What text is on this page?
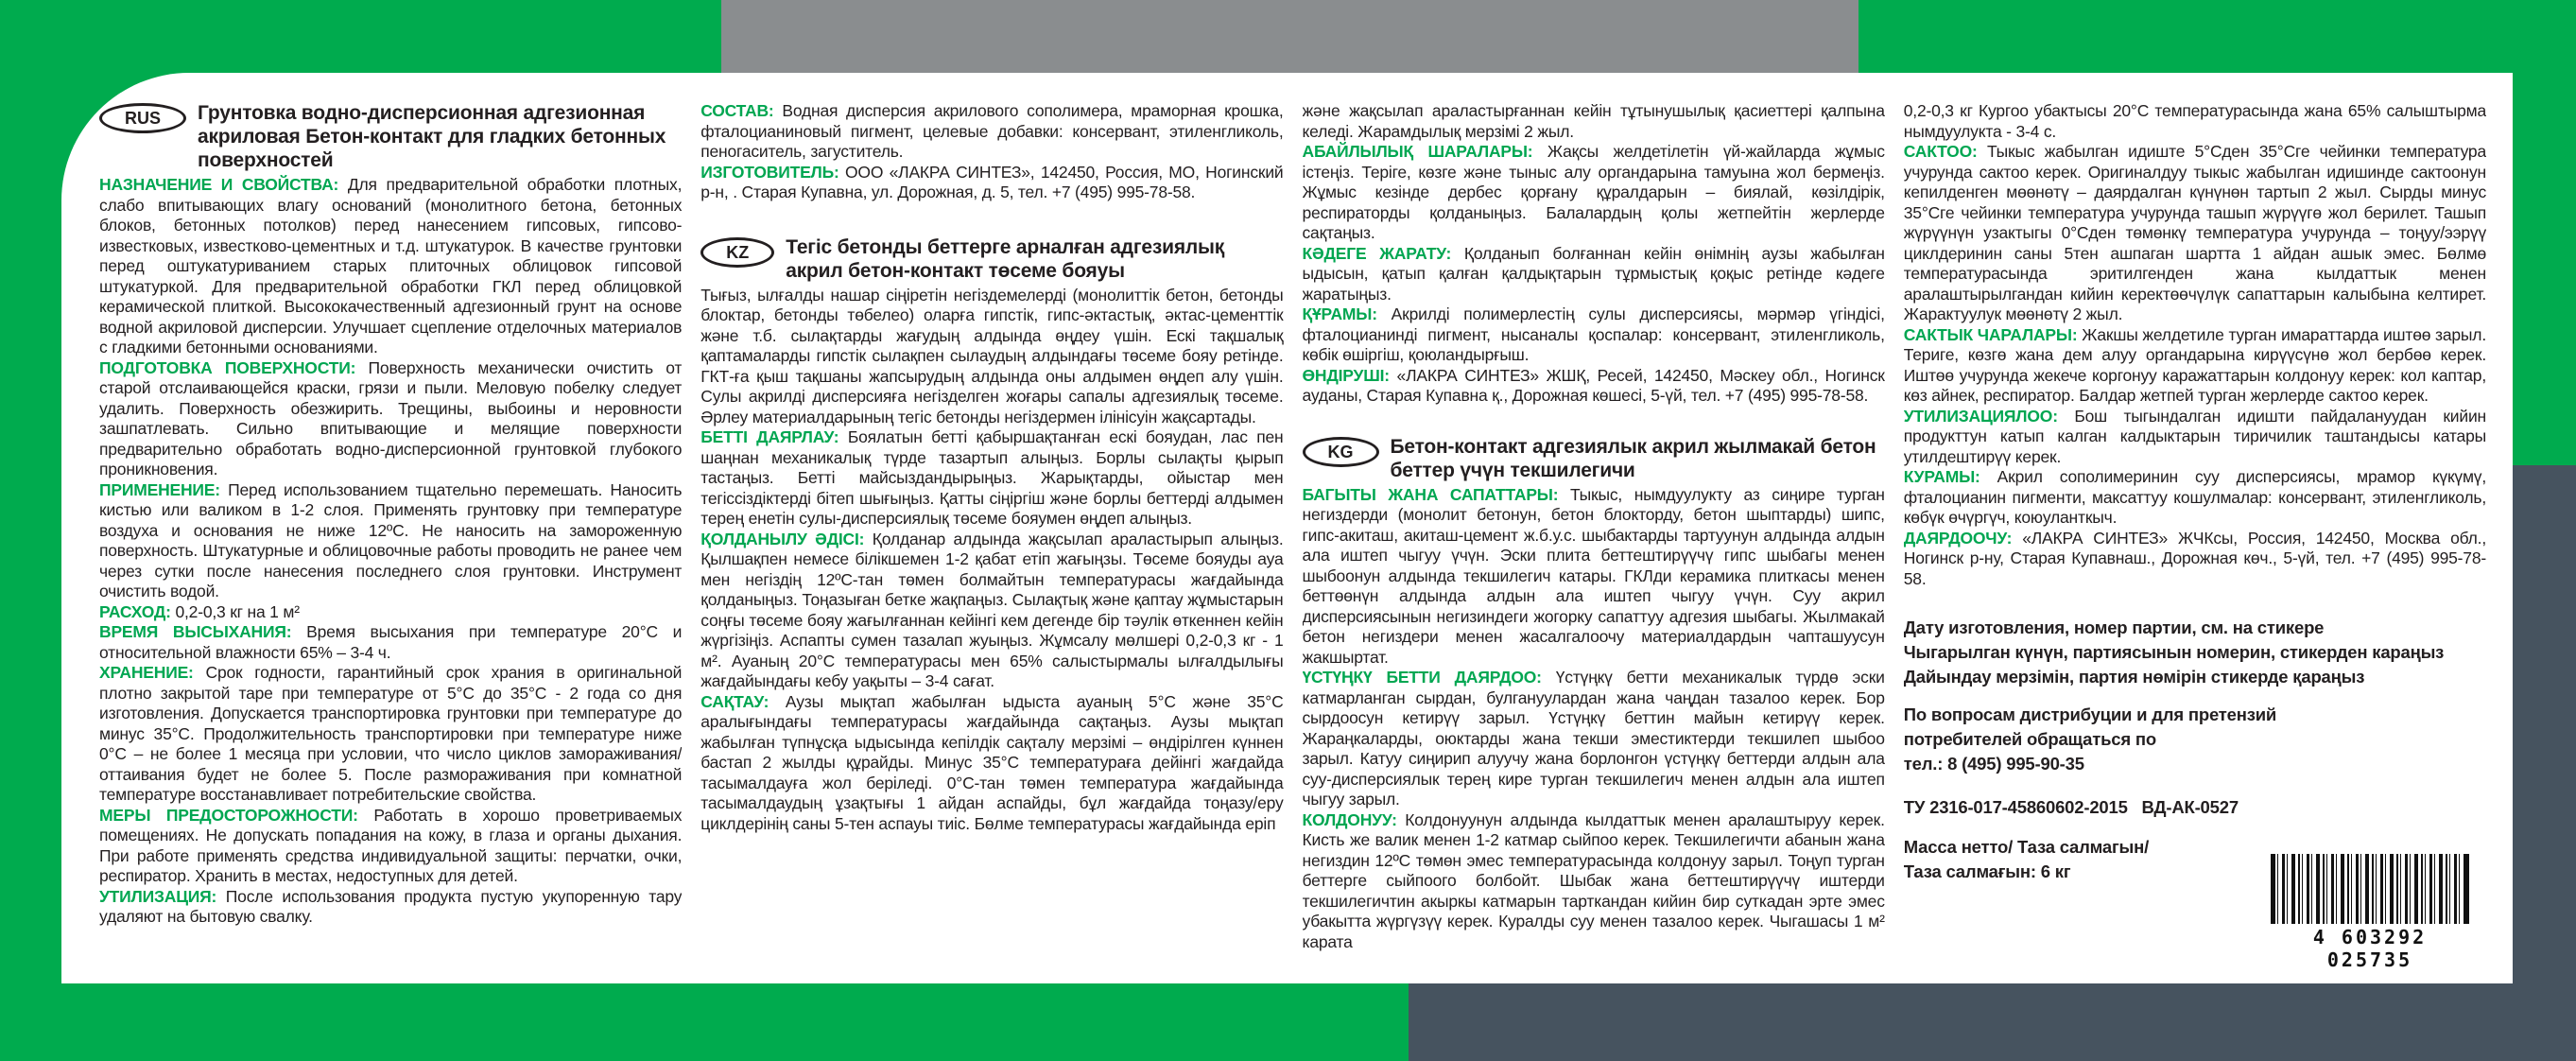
RUS	Грунтовка водно-дисперсионная адгезионная акриловая Бетон-контакт для гладких бетонных поверхностей

НАЗНАЧЕНИЕ И СВОЙСТВА: Для предварительной обработки плотных, слабо впитывающих влагу оснований (монолитного бетона, бетонных блоков, бетонных потолков) перед нанесением гипсовых, гипсово-известковых, известково-цементных и т.д. штукатурок. В качестве грунтовки перед оштукатуриванием старых плиточных облицовок гипсовой штукатуркой. Для предварительной обработки ГКЛ перед облицовкой керамической плиткой. Высококачественный адгезионный грунт на основе водной акриловой дисперсии. Улучшает сцепление отделочных материалов с гладкими бетонными основаниями.

ПОДГОТОВКА ПОВЕРХНОСТИ: Поверхность механически очистить от старой отслаивающейся краски, грязи и пыли. Меловую побелку следует удалить. Поверхность обезжирить. Трещины, выбоины и неровности зашпатлевать. Сильно впитывающие и мелящие поверхности предварительно обработать водно-дисперсионной грунтовкой глубокого проникновения.

ПРИМЕНЕНИЕ: Перед использованием тщательно перемешать. Наносить кистью или валиком в 1-2 слоя. Применять грунтовку при температуре воздуха и основания не ниже 12ºС. Не наносить на замороженную поверхность. Штукатурные и облицовочные работы проводить не ранее чем через сутки после нанесения последнего слоя грунтовки. Инструмент очистить водой.

РАСХОД: 0,2-0,3 кг на 1 м²

ВРЕМЯ ВЫСЫХАНИЯ: Время высыхания при температуре 20°С и относительной влажности 65% – 3-4 ч.

ХРАНЕНИЕ: Срок годности, гарантийный срок храния в оригинальной плотно закрытой таре при температуре от 5°С до 35°С - 2 года со дня изготовления. Допускается транспортировка грунтовки при температуре до минус 35°С. Продолжительность транспортировки при температуре ниже 0°С – не более 1 месяца при условии, что число циклов замораживания/оттаивания будет не более 5. После размораживания при комнатной температуре восстанавливает потребительские свойства.

МЕРЫ ПРЕДОСТОРОЖНОСТИ: Работать в хорошо проветриваемых помещениях. Не допускать попадания на кожу, в глаза и органы дыхания. При работе применять средства индивидуальной защиты: перчатки, очки, респиратор. Хранить в местах, недоступных для детей.

УТИЛИЗАЦИЯ: После использования продукта пустую укупоренную тару удаляют на бытовую свалку.

СОСТАВ: Водная дисперсия акрилового сополимера, мраморная крошка, фталоцианиновый пигмент, целевые добавки: консервант, этиленгликоль, пеногаситель, загуститель.

ИЗГОТОВИТЕЛЬ: ООО «ЛАКРА СИНТЕЗ», 142450, Россия, МО, Ногинский р-н, . Старая Купавна, ул. Дорожная, д. 5, тел. +7 (495) 995-78-58.

KZ	Тегіс бетонды беттерге арналған адгезиялық акрил бетон-контакт төсеме бояуы

Тығыз, ылғалды нашар сіңіретін негіздемелерді (монолиттік бетон, бетонды блоктар, бетонды төбелео) оларға гипстік, гипс-әктастық, әктас-цементтік және т.б. сылақтарды жағудың алдында өңдеу үшін. Ескі тақшалық қаптамаларды гипстік сылақпен сылаудың алдындағы төсеме бояу ретінде. ГКТ-ға қыш тақшаны жапсырудың алдында оны алдымен өңдеп алу үшін. Сулы акрилді дисперсияға негізделген жоғары сапалы адгезиялық төсеме. Әрлеу материалдарының тегіс бетонды негіздермен ілінісуін жақсартады.

БЕТТІ ДАЯРЛАУ: Боялатын бетті қабыршақтанған ескі бояудан, лас пен шаңнан механикалық түрде тазартып алыңыз. Борлы сылақты қырып тастаңыз. Бетті майсыздандырыңыз. Жарықтарды, ойыстар мен тегіссіздіктерді бітеп шығыңыз. Қатты сіңіргіш және борлы беттерді алдымен терең енетін сулы-дисперсиялық төсеме бояумен өңдеп алыңыз.

ҚОЛДАНЫЛУ ӘДІСІ: Қолданар алдында жақсылап араластырып алыңыз. Қылшақпен немесе білікшемен 1-2 қабат етіп жағыңзы. Төсеме бояуды ауа мен негіздің 12ºС-тан төмен болмайтын температурасы жағдайында қолданыңыз. Тоңазыған бетке жақпаңыз. Сылақтық және қаптау жұмыстарын соңғы төсеме бояу жағылғаннан кейінгі кем дегенде бір тәулік өткеннен кейін жүргізіңіз. Аспапты сумен тазалап жуыңыз. Жұмсалу мөлшері 0,2-0,3 кг - 1 м². Ауаның 20°С температурасы мен 65% салыстырмалы ылғалдылығы жағдайындағы кебу уақыты – 3-4 сағат.

САҚТАУ: Аузы мықтап жабылған ыдыста ауаның 5°С және 35°С аралығындағы температурасы жағдайында сақтаңыз. Аузы мықтап жабылған түпнұсқа ыдысында кепілдік сақталу мерзімі – өндірілген күннен бастап 2 жылды құрайды. Минус 35°С температураға дейінгі жағдайда тасымалдауға жол беріледі. 0°С-тан төмен температура жағдайында тасымалдаудың ұзақтығы 1 айдан аспайды, бұл жағдайда тоңазу/еру циклдерінің саны 5-тен аспауы тиіс. Бөлме температурасы жағдайында еріп

және жақсылап араластырғаннан кейін тұтынушылық қасиеттері қалпына келеді. Жарамдылық мерзімі 2 жыл.

АБАЙЛЫЛЫҚ ШАРАЛАРЫ: Жақсы желдетілетін үй-жайларда жұмыс істеңіз. Теріге, көзге және тыныс алу органдарына тамуына жол бермеңіз. Жұмыс кезінде дербес қорғану құралдарын – биялай, көзілдірік, респираторды қолданыңыз. Балалардың қолы жетпейтін жерлерде сақтаңыз.

КӘДЕГЕ ЖАРАТУ: Қолданып болғаннан кейін өнімнің аузы жабылған ыдысын, қатып қалған қалдықтарын тұрмыстық қоқыс ретінде кәдеге жаратыңыз.

ҚҰРАМЫ: Акрилді полимерлестің сулы дисперсиясы, мәрмәр үгіндісі, фталоцианинді пигмент, нысаналы қоспалар: консервант, этиленгликоль, көбік өшіргіш, қоюландырғыш.

ӨНДІРУШІ: «ЛАКРА СИНТЕЗ» ЖШҚ, Ресей, 142450, Мәскеу обл., Ногинск ауданы, Старая Купавна қ., Дорожная көшесі, 5-үй, тел. +7 (495) 995-78-58.

KG	Бетон-контакт адгезиялык акрил жылмакай бетон беттер үчүн текшилегичи

БАГЫТЫ ЖАНА САПАТТАРЫ: Тыкыс, нымдуулукту аз сиңире турган негиздерди (монолит бетонун, бетон блокторду, бетон шыптарды) шипс, гипс-акиташ, акиташ-цемент ж.б.у.с. шыбактарды тартуунун алдында алдын ала иштеп чыгуу үчүн. Эски плита беттештирүүчү гипс шыбагы менен шыбоонун алдында текшилегич катары. ГКЛди керамика плиткасы менен беттөөнүн алдында алдын ала иштеп чыгуу үчүн. Суу акрил дисперсиясынын негизиндеги жогорку сапаттуу адгезия шыбагы. Жылмакай бетон негиздери менен жасалгалоочу материалдардын чапташуусун жакшыртат.

ҮСТҮҢКҮ БЕТТИ ДАЯРДОО: Үстүңкү бетти механикалык түрдө эски катмарланган сырдан, булгануулардан жана чаңдан тазалоо керек. Бор сырдоосун кетирүү зарыл. Үстүңкү беттин майын кетирүү керек. Жараңкаларды, оюктарды жана текши эместиктерди текшилеп шыбоо зарыл. Катуу сиңирип алуучу жана борлонгон үстүңкү беттерди алдын ала суу-дисперсиялык терең кире турган текшилегич менен алдын ала иштеп чыгуу зарыл.

КОЛДОНУУ: Колдонуунун алдында кылдаттык менен аралаштыруу керек. Кисть же валик менен 1-2 катмар сыйпоо керек. Текшилегичти абанын жана негиздин 12ºС төмөн эмес температурасында колдонуу зарыл. Тоңуп турган беттерге сыйпоого болбойт. Шыбак жана беттештирүүчү иштерди текшилегичтин акыркы катмарын тарткандан кийин бир суткадан эрте эмес убакытта жүргүзүү керек. Куралды суу менен тазалоо керек. Чыгашасы 1 м² карата

0,2-0,3 кг Кургоо убактысы 20°С температурасында жана 65% салыштырма нымдуулукта - 3-4 с.

САКТОО: Тыкыс жабылган идиште 5°Сден 35°Сге чейинки температура учурунда сактоо керек. Оригиналдуу тыкыс жабылган идишинде сактоонун кепилденген мөөнөтү – даярдалган күнүнөн тартып 2 жыл. Сырды минус 35°Сге чейинки температура учурунда ташып жүрүүгө жол берилет. Ташып жүрүүнүн узактыгы 0°Сден төмөнкү температура учурунда – тоңуу/ээрүү циклдеринин саны 5тен ашпаган шартта 1 айдан ашык эмес. Бөлмө температурасында эритилгенден жана кылдаттык менен аралаштырылгандан кийин керектөөчүлүк сапаттарын калыбына келтирет. Жарактуулук мөөнөтү 2 жыл.

САКТЫК ЧАРАЛАРЫ: Жакшы желдетиле турган имараттарда иштөө зарыл. Териге, көзгө жана дем алуу органдарына кирүүсүнө жол бербөө керек. Иштөө учурунда жекече коргонуу каражаттарын колдонуу керек: кол каптар, көз айнек, респиратор. Балдар жетпей турган жерлерде сактоо керек.

УТИЛИЗАЦИЯЛОО: Бош тыгындалган идишти пайдалануудан кийин продукттун катып калган калдыктарын тиричилик таштандысы катары утилдештирүү керек.

КУРАМЫ: Акрил сополимеринин суу дисперсиясы, мрамор күкүмү, фталоцианин пигменти, максаттуу кошулмалар: консервант, этиленгликоль, көбүк өчүргүч, коюуланткыч.

ДАЯРДООЧУ: «ЛАКРА СИНТЕЗ» ЖЧКсы, Россия, 142450, Москва обл., Ногинск р-ну, Старая Купавнаш., Дорожная көч., 5-үй, тел. +7 (495) 995-78-58.

Дату изготовления, номер партии, см. на стикере
Чыгарылган күнүн, партиясынын номерин, стикерден караңыз
Дайындау мерзімін, партия нөмірін стикерде қараңыз
По вопросам дистрибуции и для претензий
потребителей обращаться по
тел.: 8 (495) 995-90-35
ТУ 2316-017-45860602-2015   ВД-АК-0527
Масса нетто/ Таза салмагын/
Таза салмағын: 6 кг
4 603292 025735
